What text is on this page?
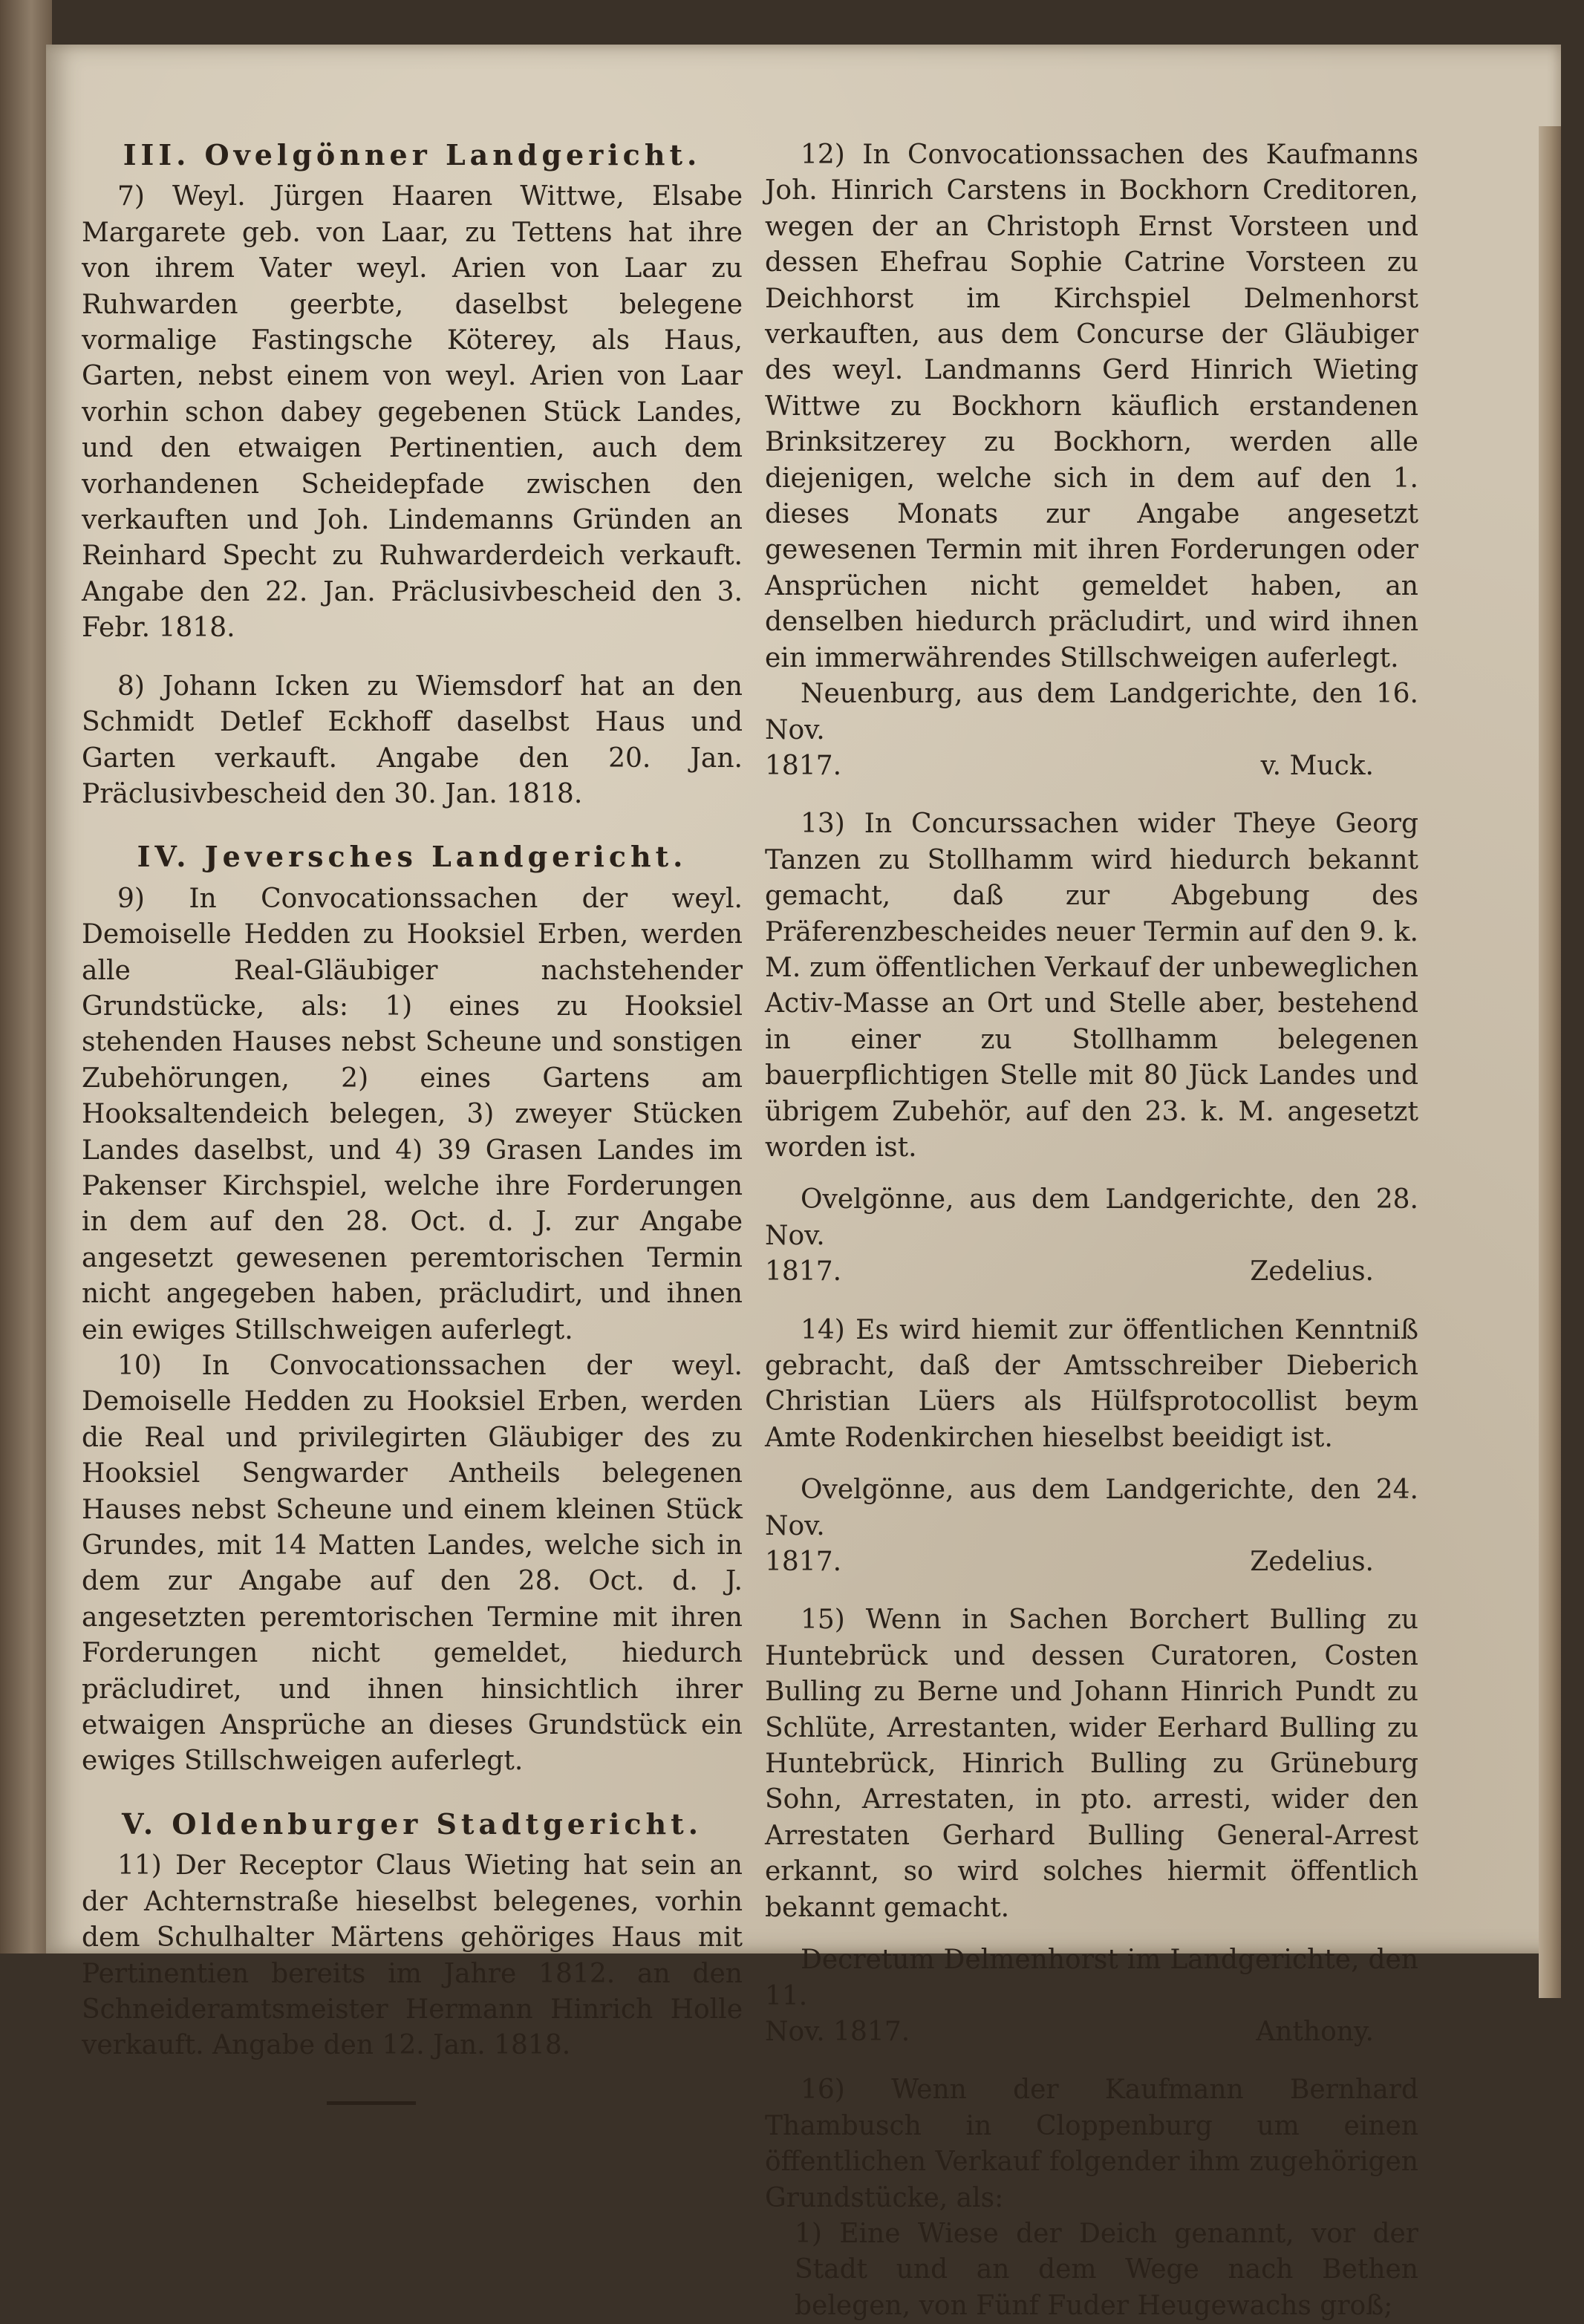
III. Ovelgönner Landgericht.

7) Weyl. Jürgen Haaren Wittwe, Elsabe Margarete geb. von Laar, zu Tettens hat ihre von ihrem Vater weyl. Arien von Laar zu Ruhwarden geerbte, daselbst belegene vormalige Fastingsche Köterey, als Haus, Garten, nebst einem von weyl. Arien von Laar vorhin schon dabey gegebenen Stück Landes, und den etwaigen Pertinentien, auch dem vorhandenen Scheidepfade zwischen den verkauften und Joh. Lindemanns Gründen an Reinhard Specht zu Ruhwarderdeich verkauft. Angabe den 22. Jan. Präclusivbescheid den 3. Febr. 1818.

8) Johann Icken zu Wiemsdorf hat an den Schmidt Detlef Eckhoff daselbst Haus und Garten verkauft. Angabe den 20. Jan. Präclusivbescheid den 30. Jan. 1818.

IV. Jeversches Landgericht.

9) In Convocationssachen der weyl. Demoiselle Hedden zu Hooksiel Erben, werden alle Real-Gläubiger nachstehender Grundstücke, als: 1) eines zu Hooksiel stehenden Hauses nebst Scheune und sonstigen Zubehörungen, 2) eines Gartens am Hooksaltendeich belegen, 3) zweyer Stücken Landes daselbst, und 4) 39 Grasen Landes im Pakenser Kirchspiel, welche ihre Forderungen in dem auf den 28. Oct. d. J. zur Angabe angesetzt gewesenen peremtorischen Termin nicht angegeben haben, präcludirt, und ihnen ein ewiges Stillschweigen auferlegt.

10) In Convocationssachen der weyl. Demoiselle Hedden zu Hooksiel Erben, werden die Real und privilegirten Gläubiger des zu Hooksiel Sengwarder Antheils belegenen Hauses nebst Scheune und einem kleinen Stück Grundes, mit 14 Matten Landes, welche sich in dem zur Angabe auf den 28. Oct. d. J. angesetzten peremtorischen Termine mit ihren Forderungen nicht gemeldet, hiedurch präcludiret, und ihnen hinsichtlich ihrer etwaigen Ansprüche an dieses Grundstück ein ewiges Stillschweigen auferlegt.

V. Oldenburger Stadtgericht.

11) Der Receptor Claus Wieting hat sein an der Achternstraße hieselbst belegenes, vorhin dem Schulhalter Märtens gehöriges Haus mit Pertinentien bereits im Jahre 1812. an den Schneideramtsmeister Hermann Hinrich Holle verkauft. Angabe den 12. Jan. 1818.

12) In Convocationssachen des Kaufmanns Joh. Hinrich Carstens in Bockhorn Creditoren, wegen der an Christoph Ernst Vorsteen und dessen Ehefrau Sophie Catrine Vorsteen zu Deichhorst im Kirchspiel Delmenhorst verkauften, aus dem Concurse der Gläubiger des weyl. Landmanns Gerd Hinrich Wieting Wittwe zu Bockhorn käuflich erstandenen Brinksitzerey zu Bockhorn, werden alle diejenigen, welche sich in dem auf den 1. dieses Monats zur Angabe angesetzt gewesenen Termin mit ihren Forderungen oder Ansprüchen nicht gemeldet haben, an denselben hiedurch präcludirt, und wird ihnen ein immerwährendes Stillschweigen auferlegt.

Neuenburg, aus dem Landgerichte, den 16. Nov.

1817.	v. Muck.

13) In Concurssachen wider Theye Georg Tanzen zu Stollhamm wird hiedurch bekannt gemacht, daß zur Abgebung des Präferenzbescheides neuer Termin auf den 9. k. M. zum öffentlichen Verkauf der unbeweglichen Activ-Masse an Ort und Stelle aber, bestehend in einer zu Stollhamm belegenen bauerpflichtigen Stelle mit 80 Jück Landes und übrigem Zubehör, auf den 23. k. M. angesetzt worden ist.

Ovelgönne, aus dem Landgerichte, den 28. Nov.

1817.	Zedelius.

14) Es wird hiemit zur öffentlichen Kenntniß gebracht, daß der Amtsschreiber Dieberich Christian Lüers als Hülfsprotocollist beym Amte Rodenkirchen hieselbst beeidigt ist.

Ovelgönne, aus dem Landgerichte, den 24. Nov.

1817.	Zedelius.

15) Wenn in Sachen Borchert Bulling zu Huntebrück und dessen Curatoren, Costen Bulling zu Berne und Johann Hinrich Pundt zu Schlüte, Arrestanten, wider Eerhard Bulling zu Huntebrück, Hinrich Bulling zu Grüneburg Sohn, Arrestaten, in pto. arresti, wider den Arrestaten Gerhard Bulling General-Arrest erkannt, so wird solches hiermit öffentlich bekannt gemacht.

Decretum Delmenhorst im Landgerichte, den 11.

Nov. 1817.	Anthony.

16) Wenn der Kaufmann Bernhard Thambusch in Cloppenburg um einen öffentlichen Verkauf folgender ihm zugehörigen Grundstücke, als:

1) Eine Wiese der Deich genannt, vor der Stadt und an dem Wege nach Bethen belegen, von Fünf Fuder Heugewachs groß;
